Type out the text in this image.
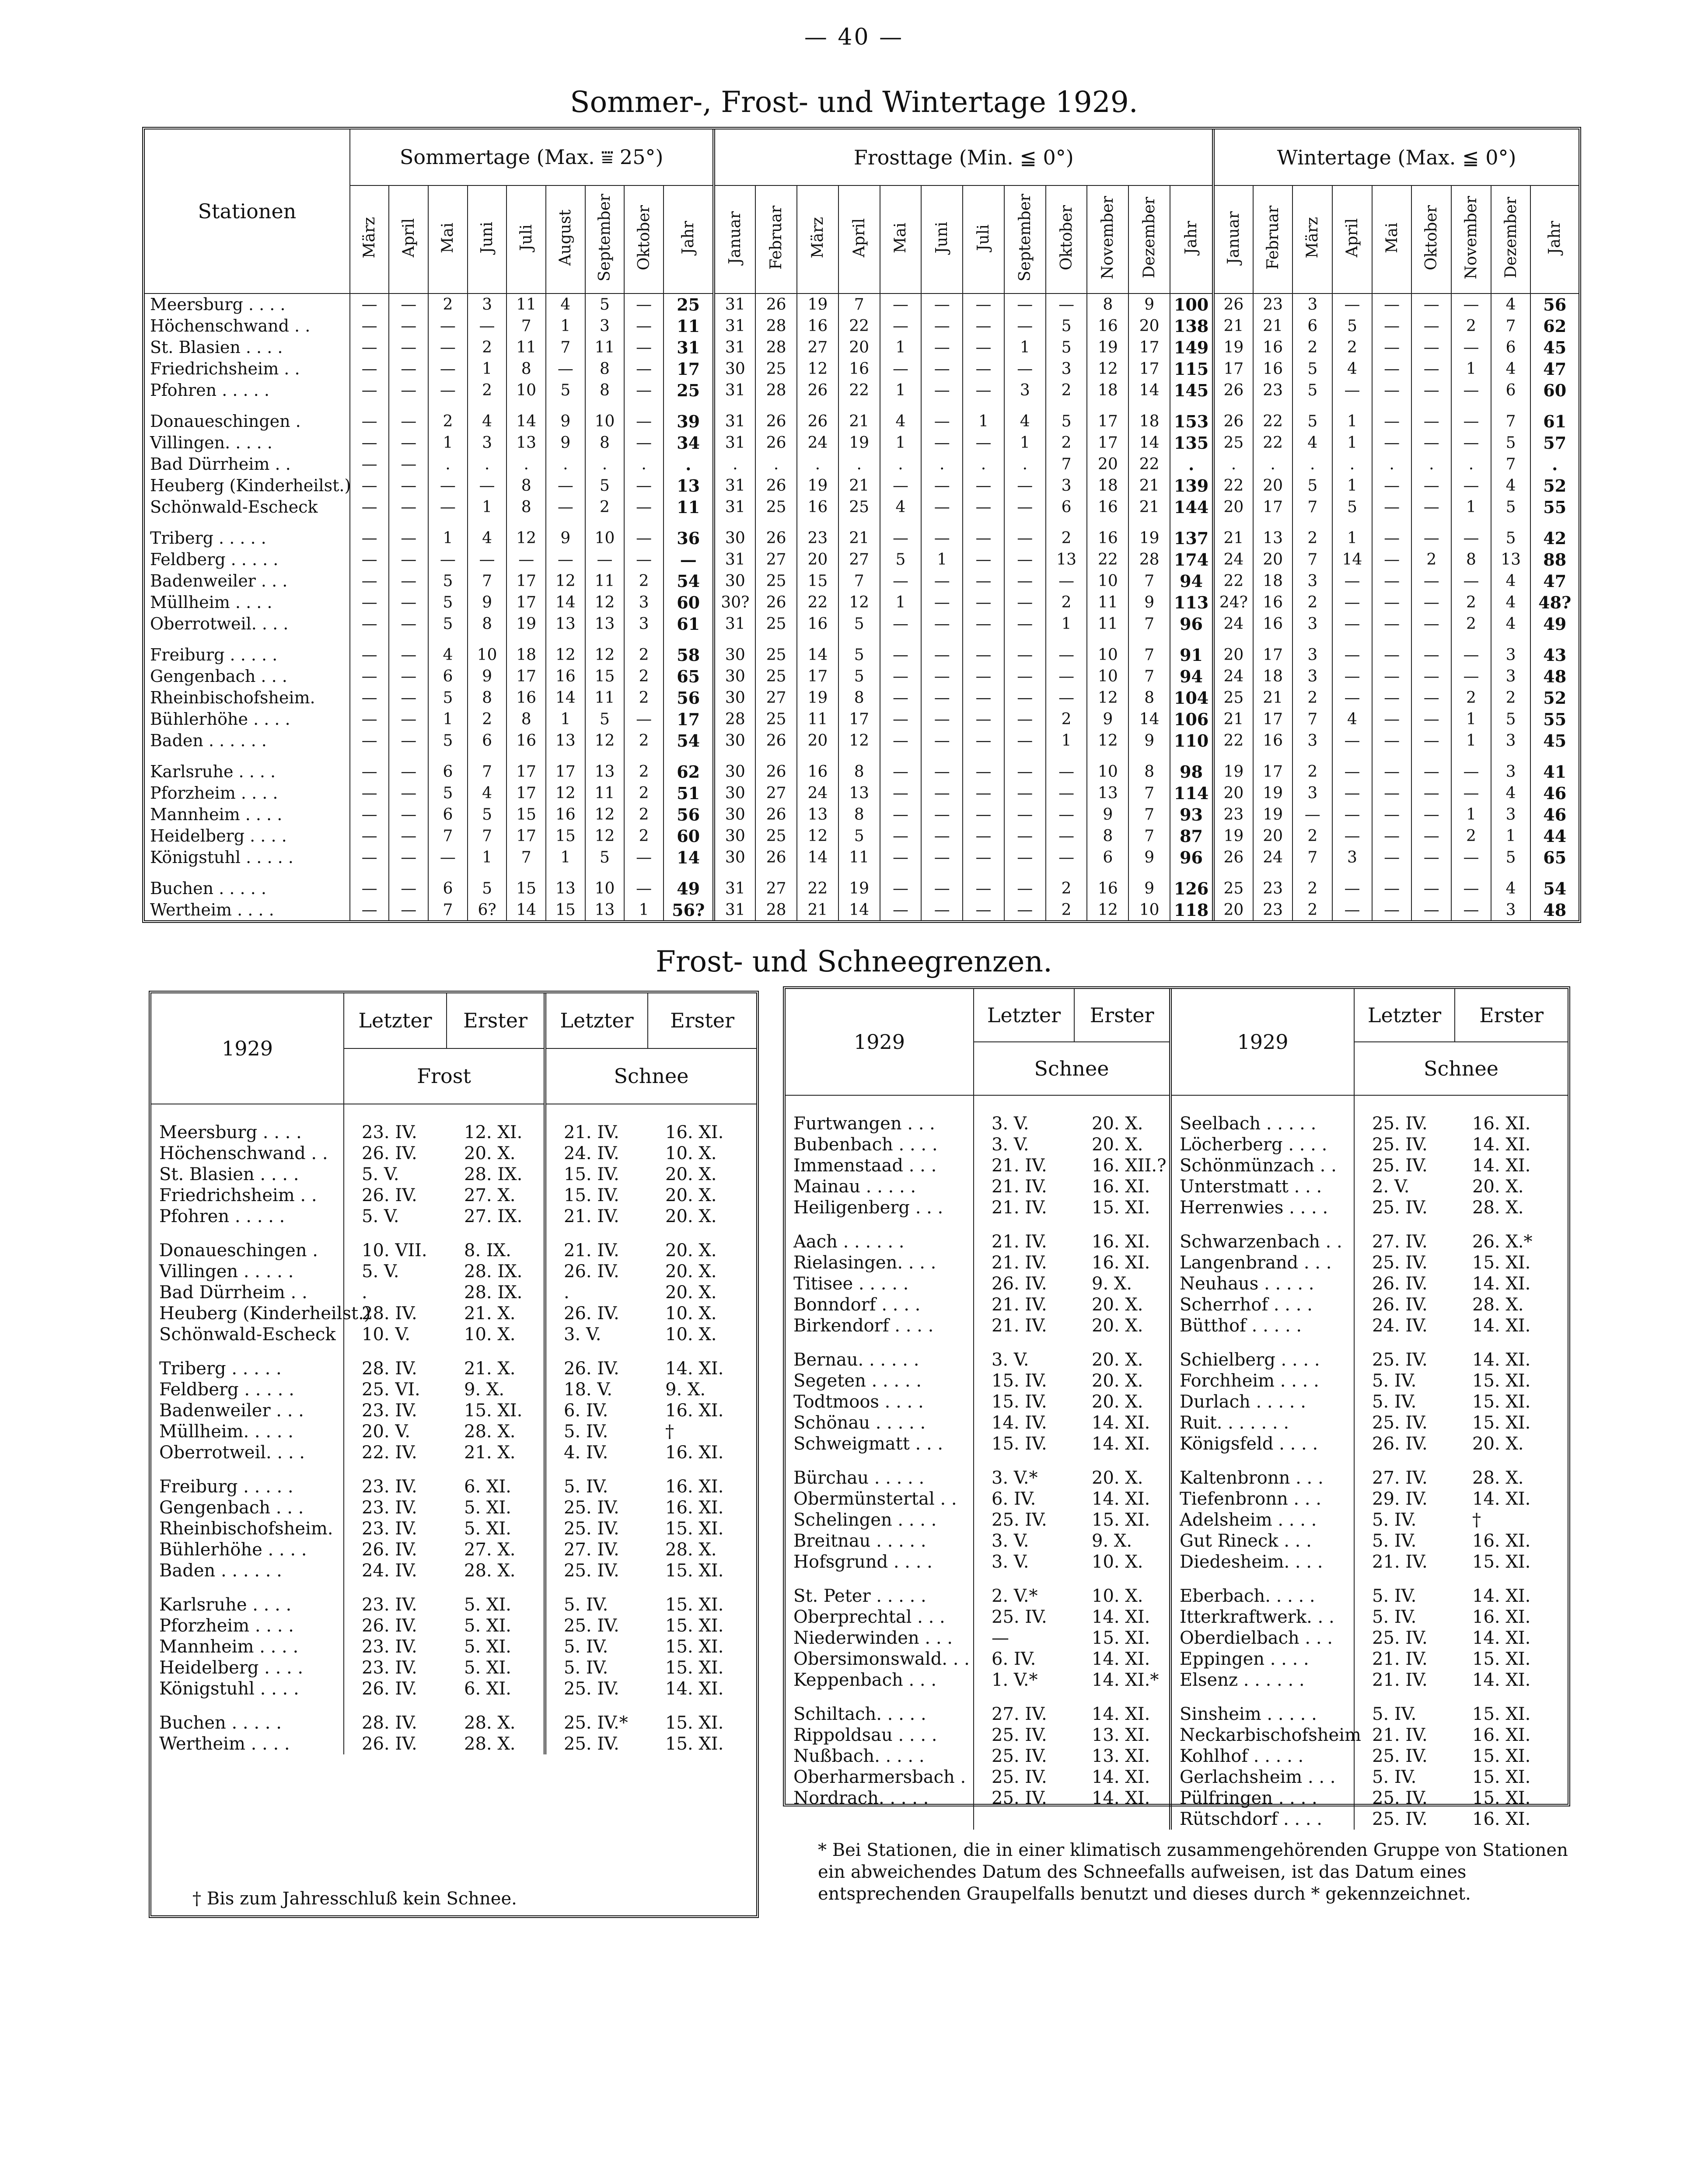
— 40 —
Sommer-, Frost- und Wintertage 1929.
Stationen	Sommertage (Max. ⩸ 25°)									Frosttage (Min. ≦ 0°)												Wintertage (Max. ≦ 0°)								
	März	April	Mai	Juni	Juli	August	September	Oktober	Jahr	Januar	Februar	März	April	Mai	Juni	Juli	September	Oktober	November	Dezember	Jahr	Januar	Februar	März	April	Mai	Oktober	November	Dezember	Jahr
Meersburg . . . .	—	—	2	3	11	4	5	—	25	31	26	19	7	—	—	—	—	—	8	9	100	26	23	3	—	—	—	—	4	56
Höchenschwand . .	—	—	—	—	7	1	3	—	11	31	28	16	22	—	—	—	—	5	16	20	138	21	21	6	5	—	—	2	7	62
St. Blasien . . . .	—	—	—	2	11	7	11	—	31	31	28	27	20	1	—	—	1	5	19	17	149	19	16	2	2	—	—	—	6	45
Friedrichsheim . .	—	—	—	1	8	—	8	—	17	30	25	12	16	—	—	—	—	3	12	17	115	17	16	5	4	—	—	1	4	47
Pfohren . . . . .	—	—	—	2	10	5	8	—	25	31	28	26	22	1	—	—	3	2	18	14	145	26	23	5	—	—	—	—	6	60

Donaueschingen .	—	—	2	4	14	9	10	—	39	31	26	26	21	4	—	1	4	5	17	18	153	26	22	5	1	—	—	—	7	61
Villingen. . . . .	—	—	1	3	13	9	8	—	34	31	26	24	19	1	—	—	1	2	17	14	135	25	22	4	1	—	—	—	5	57
Bad Dürrheim . .	—	—	.	.	.	.	.	.	.	.	.	.	.	.	.	.	.	7	20	22	.	.	.	.	.	.	.	.	7	.
Heuberg (Kinderheilst.)	—	—	—	—	8	—	5	—	13	31	26	19	21	—	—	—	—	3	18	21	139	22	20	5	1	—	—	—	4	52
Schönwald-Escheck	—	—	—	1	8	—	2	—	11	31	25	16	25	4	—	—	—	6	16	21	144	20	17	7	5	—	—	1	5	55

Triberg . . . . .	—	—	1	4	12	9	10	—	36	30	26	23	21	—	—	—	—	2	16	19	137	21	13	2	1	—	—	—	5	42
Feldberg . . . . .	—	—	—	—	—	—	—	—	—	31	27	20	27	5	1	—	—	13	22	28	174	24	20	7	14	—	2	8	13	88
Badenweiler . . .	—	—	5	7	17	12	11	2	54	30	25	15	7	—	—	—	—	—	10	7	94	22	18	3	—	—	—	—	4	47
Müllheim . . . .	—	—	5	9	17	14	12	3	60	30?	26	22	12	1	—	—	—	2	11	9	113	24?	16	2	—	—	—	2	4	48?
Oberrotweil. . . .	—	—	5	8	19	13	13	3	61	31	25	16	5	—	—	—	—	1	11	7	96	24	16	3	—	—	—	2	4	49

Freiburg . . . . .	—	—	4	10	18	12	12	2	58	30	25	14	5	—	—	—	—	—	10	7	91	20	17	3	—	—	—	—	3	43
Gengenbach . . .	—	—	6	9	17	16	15	2	65	30	25	17	5	—	—	—	—	—	10	7	94	24	18	3	—	—	—	—	3	48
Rheinbischofsheim.	—	—	5	8	16	14	11	2	56	30	27	19	8	—	—	—	—	—	12	8	104	25	21	2	—	—	—	2	2	52
Bühlerhöhe . . . .	—	—	1	2	8	1	5	—	17	28	25	11	17	—	—	—	—	2	9	14	106	21	17	7	4	—	—	1	5	55
Baden . . . . . .	—	—	5	6	16	13	12	2	54	30	26	20	12	—	—	—	—	1	12	9	110	22	16	3	—	—	—	1	3	45

Karlsruhe . . . .	—	—	6	7	17	17	13	2	62	30	26	16	8	—	—	—	—	—	10	8	98	19	17	2	—	—	—	—	3	41
Pforzheim . . . .	—	—	5	4	17	12	11	2	51	30	27	24	13	—	—	—	—	—	13	7	114	20	19	3	—	—	—	—	4	46
Mannheim . . . .	—	—	6	5	15	16	12	2	56	30	26	13	8	—	—	—	—	—	9	7	93	23	19	—	—	—	—	1	3	46
Heidelberg . . . .	—	—	7	7	17	15	12	2	60	30	25	12	5	—	—	—	—	—	8	7	87	19	20	2	—	—	—	2	1	44
Königstuhl . . . . .	—	—	—	1	7	1	5	—	14	30	26	14	11	—	—	—	—	—	6	9	96	26	24	7	3	—	—	—	5	65

Buchen . . . . .	—	—	6	5	15	13	10	—	49	31	27	22	19	—	—	—	—	2	16	9	126	25	23	2	—	—	—	—	4	54
Wertheim . . . .	—	—	7	6?	14	15	13	1	56?	31	28	21	14	—	—	—	—	2	12	10	118	20	23	2	—	—	—	—	3	48
Frost- und Schneegrenzen.
1929	Letzter	Erster	Letzter	Erster
	Frost		Schnee	

Meersburg . . . .	23. IV.	12. XI.	21. IV.	16. XI.
Höchenschwand . .	26. IV.	20. X.	24. IV.	10. X.
St. Blasien . . . .	5. V.	28. IX.	15. IV.	20. X.
Friedrichsheim . .	26. IV.	27. X.	15. IV.	20. X.
Pfohren . . . . .	5. V.	27. IX.	21. IV.	20. X.

Donaueschingen .	10. VII.	8. IX.	21. IV.	20. X.
Villingen . . . . .	5. V.	28. IX.	26. IV.	20. X.
Bad Dürrheim . .	.	28. IX.	.	20. X.
Heuberg (Kinderheilst.)	28. IV.	21. X.	26. IV.	10. X.
Schönwald-Escheck	10. V.	10. X.	3. V.	10. X.

Triberg . . . . .	28. IV.	21. X.	26. IV.	14. XI.
Feldberg . . . . .	25. VI.	9. X.	18. V.	9. X.
Badenweiler . . .	23. IV.	15. XI.	6. IV.	16. XI.
Müllheim. . . . .	20. V.	28. X.	5. IV.	†
Oberrotweil. . . .	22. IV.	21. X.	4. IV.	16. XI.

Freiburg . . . . .	23. IV.	6. XI.	5. IV.	16. XI.
Gengenbach . . .	23. IV.	5. XI.	25. IV.	16. XI.
Rheinbischofsheim.	23. IV.	5. XI.	25. IV.	15. XI.
Bühlerhöhe . . . .	26. IV.	27. X.	27. IV.	28. X.
Baden . . . . . .	24. IV.	28. X.	25. IV.	15. XI.

Karlsruhe . . . .	23. IV.	5. XI.	5. IV.	15. XI.
Pforzheim . . . .	26. IV.	5. XI.	25. IV.	15. XI.
Mannheim . . . .	23. IV.	5. XI.	5. IV.	15. XI.
Heidelberg . . . .	23. IV.	5. XI.	5. IV.	15. XI.
Königstuhl . . . .	26. IV.	6. XI.	25. IV.	14. XI.

Buchen . . . . .	28. IV.	28. X.	25. IV.*	15. XI.
Wertheim . . . .	26. IV.	28. X.	25. IV.	15. XI.
† Bis zum Jahresschluß kein Schnee.
1929	Letzter	Erster	1929	Letzter	Erster
	Schnee			Schnee	

Furtwangen . . .	3. V.	20. X.	Seelbach . . . . .	25. IV.	16. XI.
Bubenbach . . . .	3. V.	20. X.	Löcherberg . . . .	25. IV.	14. XI.
Immenstaad . . .	21. IV.	16. XII.?	Schönmünzach . .	25. IV.	14. XI.
Mainau . . . . .	21. IV.	16. XI.	Unterstmatt . . .	2. V.	20. X.
Heiligenberg . . .	21. IV.	15. XI.	Herrenwies . . . .	25. IV.	28. X.

Aach . . . . . .	21. IV.	16. XI.	Schwarzenbach . .	27. IV.	26. X.*
Rielasingen. . . .	21. IV.	16. XI.	Langenbrand . . .	25. IV.	15. XI.
Titisee . . . . .	26. IV.	9. X.	Neuhaus . . . . .	26. IV.	14. XI.
Bonndorf . . . .	21. IV.	20. X.	Scherrhof . . . .	26. IV.	28. X.
Birkendorf . . . .	21. IV.	20. X.	Bütthof . . . . .	24. IV.	14. XI.

Bernau. . . . . .	3. V.	20. X.	Schielberg . . . .	25. IV.	14. XI.
Segeten . . . . .	15. IV.	20. X.	Forchheim . . . .	5. IV.	15. XI.
Todtmoos . . . .	15. IV.	20. X.	Durlach . . . . .	5. IV.	15. XI.
Schönau . . . . .	14. IV.	14. XI.	Ruit. . . . . . .	25. IV.	15. XI.
Schweigmatt . . .	15. IV.	14. XI.	Königsfeld . . . .	26. IV.	20. X.

Bürchau . . . . .	3. V.*	20. X.	Kaltenbronn . . .	27. IV.	28. X.
Obermünstertal . .	6. IV.	14. XI.	Tiefenbronn . . .	29. IV.	14. XI.
Schelingen . . . .	25. IV.	15. XI.	Adelsheim . . . .	5. IV.	†
Breitnau . . . . .	3. V.	9. X.	Gut Rineck . . .	5. IV.	16. XI.
Hofsgrund . . . .	3. V.	10. X.	Diedesheim. . . .	21. IV.	15. XI.

St. Peter . . . . .	2. V.*	10. X.	Eberbach. . . . .	5. IV.	14. XI.
Oberprechtal . . .	25. IV.	14. XI.	Itterkraftwerk. . .	5. IV.	16. XI.
Niederwinden . . .	—	15. XI.	Oberdielbach . . .	25. IV.	14. XI.
Obersimonswald. . .	6. IV.	14. XI.	Eppingen . . . .	21. IV.	15. XI.
Keppenbach . . .	1. V.*	14. XI.*	Elsenz . . . . . .	21. IV.	14. XI.

Schiltach. . . . .	27. IV.	14. XI.	Sinsheim . . . . .	5. IV.	15. XI.
Rippoldsau . . . .	25. IV.	13. XI.	Neckarbischofsheim	21. IV.	16. XI.
Nußbach. . . . .	25. IV.	13. XI.	Kohlhof . . . . .	25. IV.	15. XI.
Oberharmersbach .	25. IV.	14. XI.	Gerlachsheim . . .	5. IV.	15. XI.
Nordrach. . . . .	25. IV.	14. XI.	Pülfringen . . . .	25. IV.	15. XI.
			Rütschdorf . . . .	25. IV.	16. XI.
* Bei Stationen, die in einer klimatisch zusammengehörenden Gruppe von Stationen ein abweichendes Datum des Schneefalls aufweisen, ist das Datum eines entsprechenden Graupelfalls benutzt und dieses durch * gekennzeichnet.
